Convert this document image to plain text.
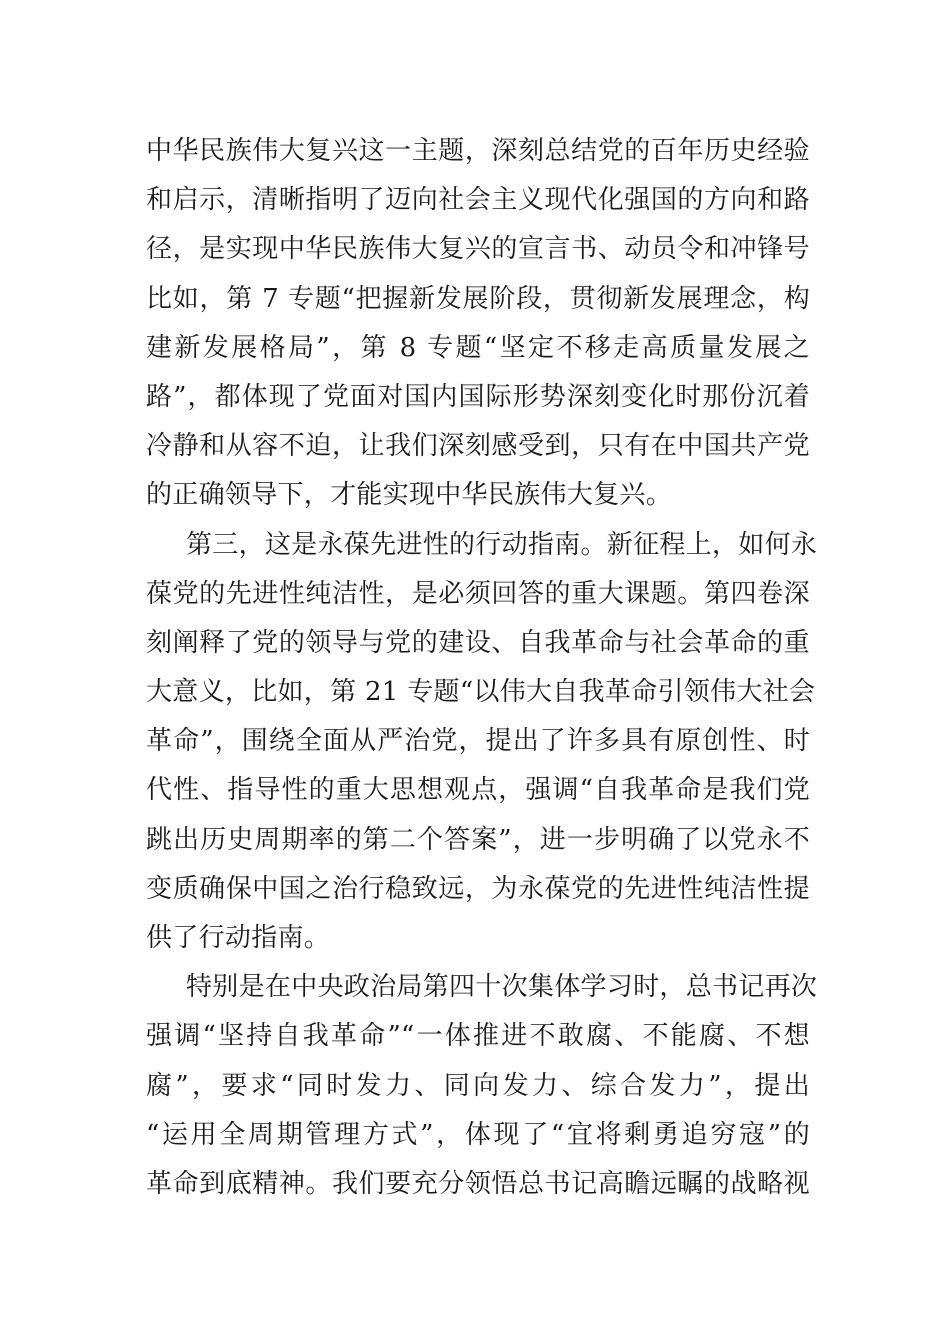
中华民族伟大复兴这一主题，深刻总结党的百年历史经验
和启示，清晰指明了迈向社会主义现代化强国的方向和路
径，是实现中华民族伟大复兴的宣言书、动员令和冲锋号
比如，第 7 专题“把握新发展阶段，贯彻新发展理念，构
建新发展格局”，第 8 专题“坚定不移走高质量发展之
路”，都体现了党面对国内国际形势深刻变化时那份沉着
冷静和从容不迫，让我们深刻感受到，只有在中国共产党
的正确领导下，才能实现中华民族伟大复兴。
第三，这是永葆先进性的行动指南。新征程上，如何永
葆党的先进性纯洁性，是必须回答的重大课题。第四卷深
刻阐释了党的领导与党的建设、自我革命与社会革命的重
大意义，比如，第 21 专题“以伟大自我革命引领伟大社会
革命”，围绕全面从严治党，提出了许多具有原创性、时
代性、指导性的重大思想观点，强调“自我革命是我们党
跳出历史周期率的第二个答案”，进一步明确了以党永不
变质确保中国之治行稳致远，为永葆党的先进性纯洁性提
供了行动指南。
特别是在中央政治局第四十次集体学习时，总书记再次
强调“坚持自我革命”“一体推进不敢腐、不能腐、不想
腐”，要求“同时发力、同向发力、综合发力”，提出
“运用全周期管理方式”，体现了“宜将剩勇追穷寇”的
革命到底精神。我们要充分领悟总书记高瞻远瞩的战略视
